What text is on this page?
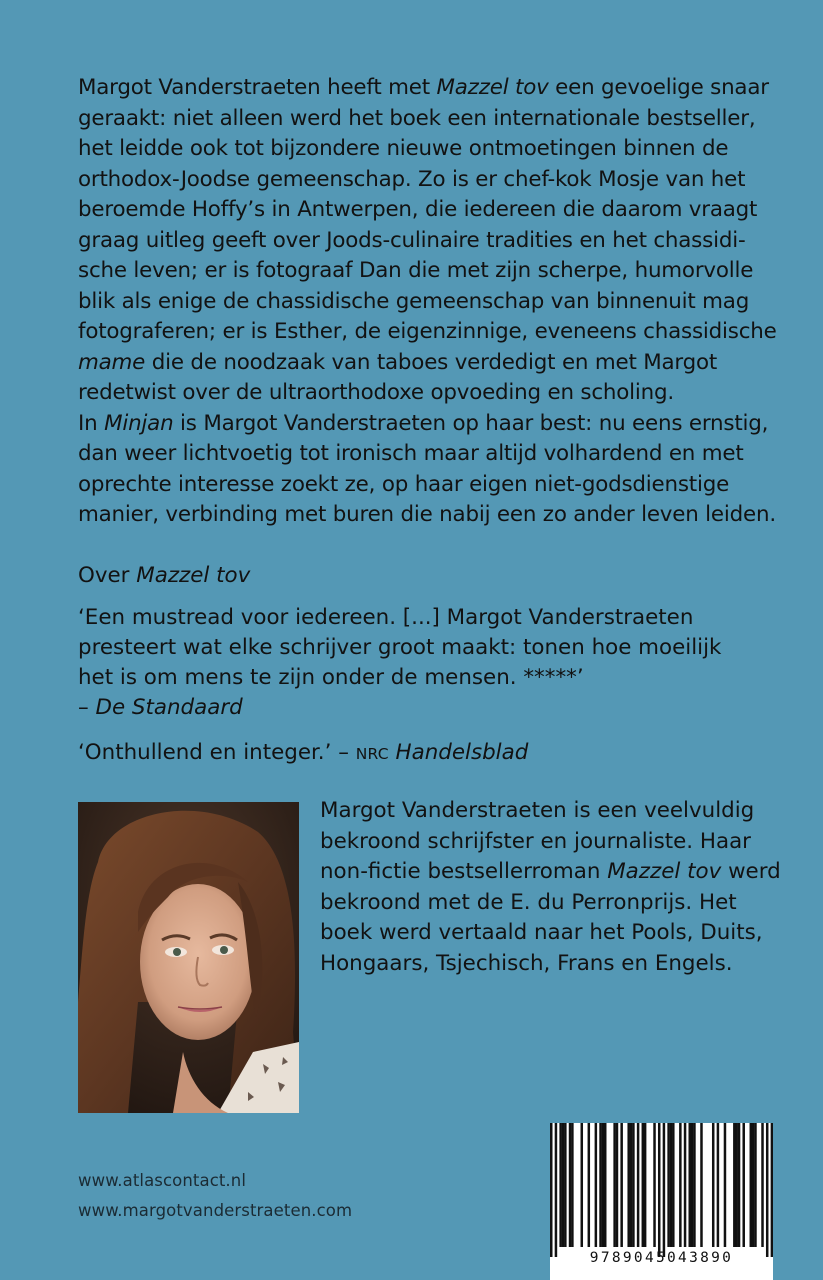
Margot Vanderstraeten heeft met Mazzel tov een gevoelige snaar geraakt: niet alleen werd het boek een internationale bestseller, het leidde ook tot bijzondere nieuwe ontmoetingen binnen de orthodox-Joodse gemeenschap. Zo is er chef-kok Mosje van het beroemde Hoffy’s in Antwerpen, die iedereen die daarom vraagt graag uitleg geeft over Joods-culinaire tradities en het chassidische leven; er is fotograaf Dan die met zijn scherpe, humorvolle blik als enige de chassidische gemeenschap van binnenuit mag fotograferen; er is Esther, de eigenzinnige, eveneens chassidische mame die de noodzaak van taboes verdedigt en met Margot redetwist over de ultraorthodoxe opvoeding en scholing.

In Minjan is Margot Vanderstraeten op haar best: nu eens ernstig, dan weer lichtvoetig tot ironisch maar altijd volhardend en met oprechte interesse zoekt ze, op haar eigen niet-godsdienstige manier, verbinding met buren die nabij een zo ander leven leiden.

Over Mazzel tov

‘Een mustread voor iedereen. [...] Margot Vanderstraeten presteert wat elke schrijver groot maakt: tonen hoe moeilijk het is om mens te zijn onder de mensen. *****’
– De Standaard

‘Onthullend en integer.’ – NRC Handelsblad

Margot Vanderstraeten is een veelvuldig bekroond schrijfster en journaliste. Haar non-fictie bestsellerroman Mazzel tov werd bekroond met de E. du Perronprijs. Het boek werd vertaald naar het Pools, Duits, Hongaars, Tsjechisch, Frans en Engels.

www.atlascontact.nl

www.margotvanderstraeten.com

9789045043890
